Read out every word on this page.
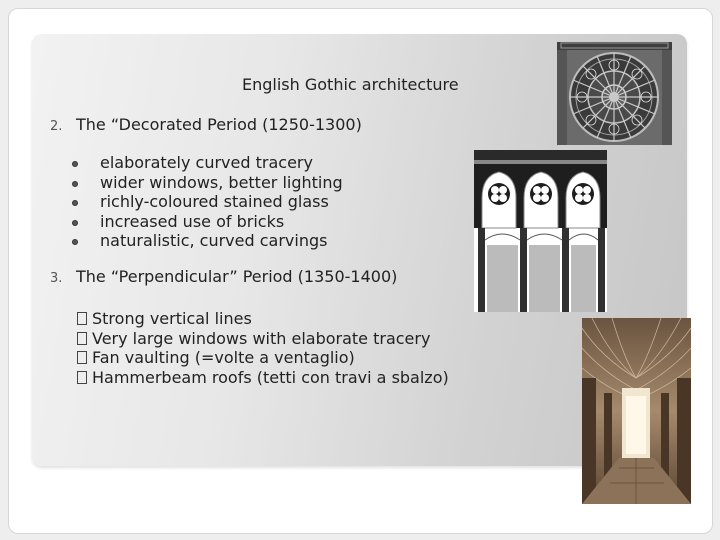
English Gothic architecture
2. The “Decorated Period (1250-1300)
elaborately curved tracery
wider windows, better lighting
richly-coloured stained glass
increased use of bricks
naturalistic, curved carvings
3. The “Perpendicular” Period (1350-1400)
Strong vertical lines
Very large windows with elaborate tracery
Fan vaulting (=volte a ventaglio)
Hammerbeam roofs (tetti con travi a sbalzo)
